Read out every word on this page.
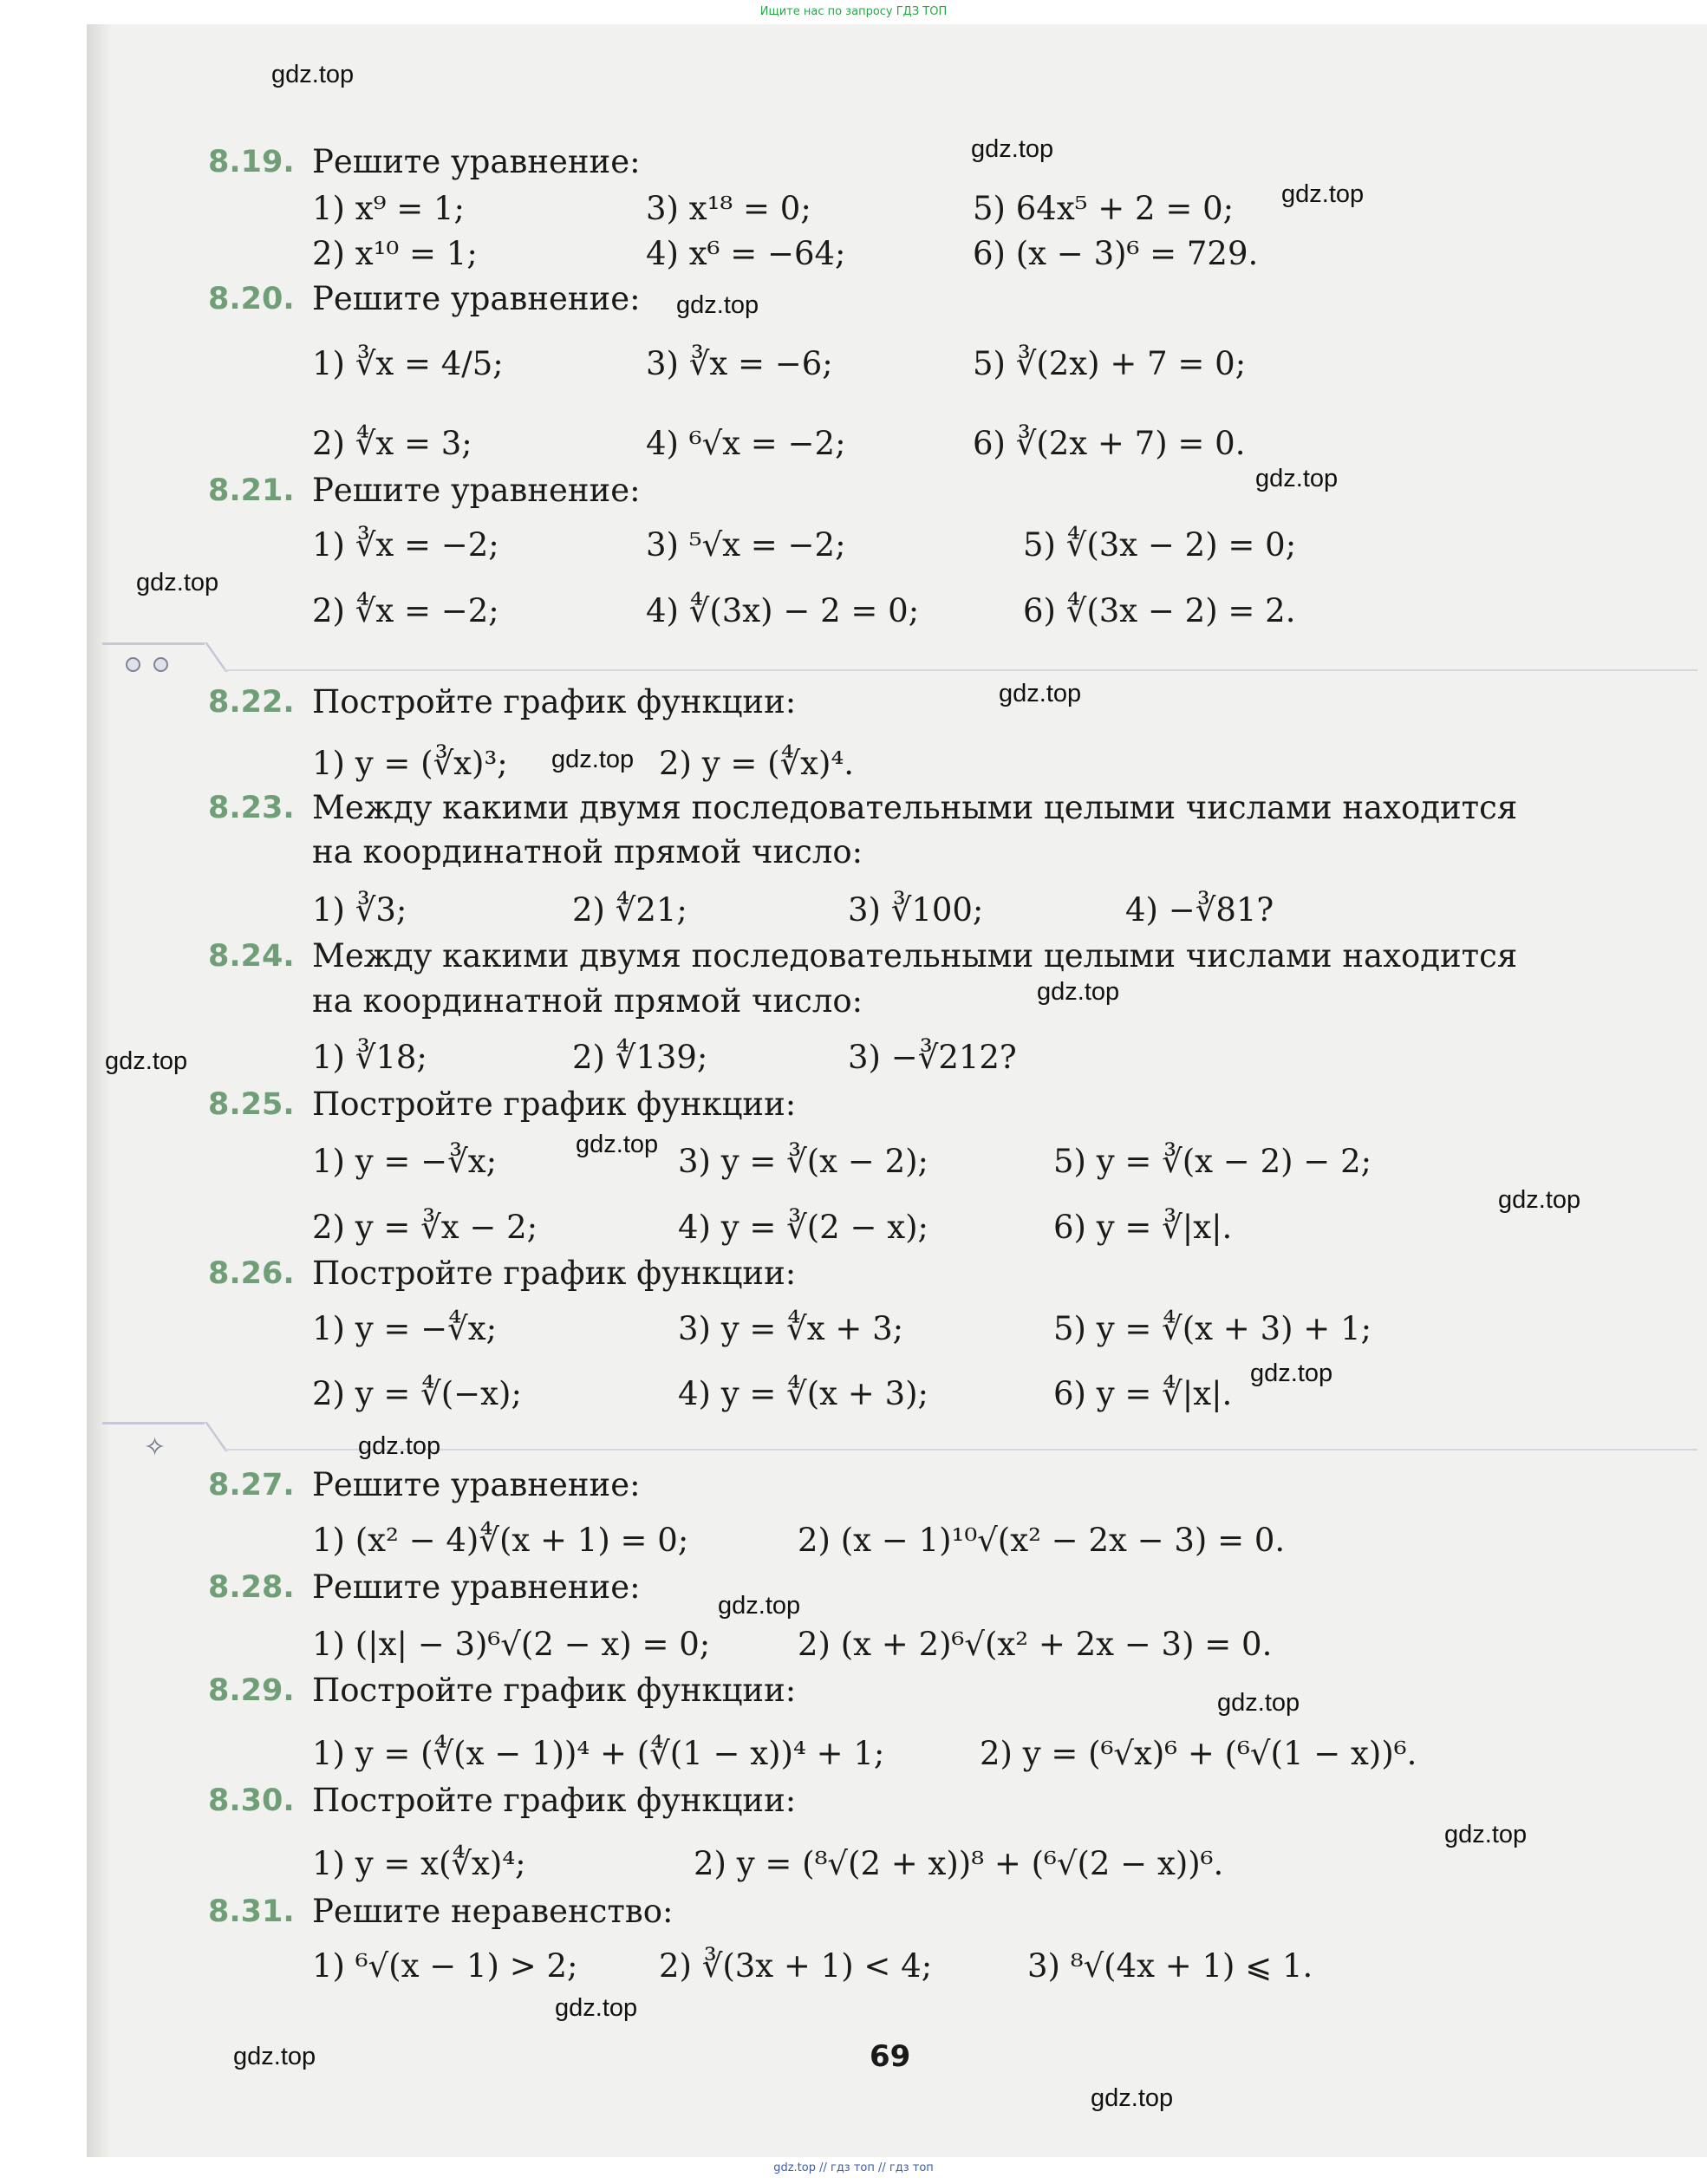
Ищите нас по запросу ГДЗ ТОП
✧
8.19. Решите уравнение:
1) x⁹ = 1;	3) x¹⁸ = 0;	5) 64x⁵ + 2 = 0;
2) x¹⁰ = 1;	4) x⁶ = −64;	6) (x − 3)⁶ = 729.
8.20. Решите уравнение:
1) ∛x = 4/5;	3) ∛x = −6;	5) ∛(2x) + 7 = 0;
2) ∜x = 3;	4) ⁶√x = −2;	6) ∛(2x + 7) = 0.
8.21. Решите уравнение:
1) ∛x = −2;	3) ⁵√x = −2;	5) ∜(3x − 2) = 0;
2) ∜x = −2;	4) ∜(3x) − 2 = 0;	6) ∜(3x − 2) = 2.
8.22. Постройте график функции:
1) y = (∛x)³;	2) y = (∜x)⁴.
8.23. Между какими двумя последовательными целыми числами находится
на координатной прямой число:
1) ∛3;	2) ∜21;	3) ∛100;	4) −∛81?
8.24. Между какими двумя последовательными целыми числами находится
на координатной прямой число:
1) ∛18;	2) ∜139;	3) −∛212?
8.25. Постройте график функции:
1) y = −∛x;	3) y = ∛(x − 2);	5) y = ∛(x − 2) − 2;
2) y = ∛x − 2;	4) y = ∛(2 − x);	6) y = ∛|x|.
8.26. Постройте график функции:
1) y = −∜x;	3) y = ∜x + 3;	5) y = ∜(x + 3) + 1;
2) y = ∜(−x);	4) y = ∜(x + 3);	6) y = ∜|x|.
8.27. Решите уравнение:
1) (x² − 4)∜(x + 1) = 0;	2) (x − 1)¹⁰√(x² − 2x − 3) = 0.
8.28. Решите уравнение:
1) (|x| − 3)⁶√(2 − x) = 0;	2) (x + 2)⁶√(x² + 2x − 3) = 0.
8.29. Постройте график функции:
1) y = (∜(x − 1))⁴ + (∜(1 − x))⁴ + 1;	2) y = (⁶√x)⁶ + (⁶√(1 − x))⁶.
8.30. Постройте график функции:
1) y = x(∜x)⁴;	2) y = (⁸√(2 + x))⁸ + (⁶√(2 − x))⁶.
8.31. Решите неравенство:
1) ⁶√(x − 1) > 2;	2) ∛(3x + 1) < 4;	3) ⁸√(4x + 1) ⩽ 1.
69
gdz.top
gdz.top
gdz.top
gdz.top
gdz.top
gdz.top
gdz.top
gdz.top
gdz.top
gdz.top
gdz.top
gdz.top
gdz.top
gdz.top
gdz.top
gdz.top
gdz.top
gdz.top
gdz.top
gdz.top
gdz.top // гдз топ // гдз топ
